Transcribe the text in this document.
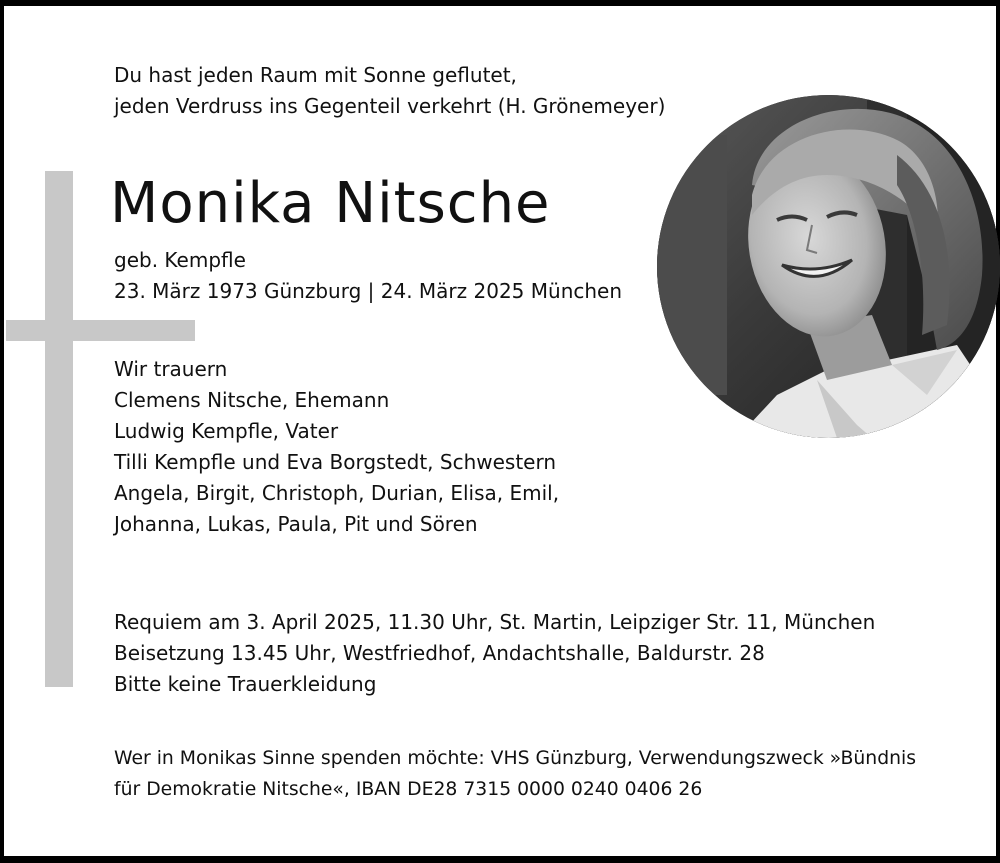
Du hast jeden Raum mit Sonne geflutet,
jeden Verdruss ins Gegenteil verkehrt (H. Grönemeyer)

Monika Nitsche

geb. Kempfle
23. März 1973 Günzburg | 24. März 2025 München

Wir trauern
Clemens Nitsche, Ehemann
Ludwig Kempfle, Vater
Tilli Kempfle und Eva Borgstedt, Schwestern
Angela, Birgit, Christoph, Durian, Elisa, Emil,
Johanna, Lukas, Paula, Pit und Sören

Requiem am 3. April 2025, 11.30 Uhr, St. Martin, Leipziger Str. 11, München
Beisetzung 13.45 Uhr, Westfriedhof, Andachtshalle, Baldurstr. 28
Bitte keine Trauerkleidung

Wer in Monikas Sinne spenden möchte: VHS Günzburg, Verwendungszweck »Bündnis
für Demokratie Nitsche«, IBAN DE28 7315 0000 0240 0406 26
